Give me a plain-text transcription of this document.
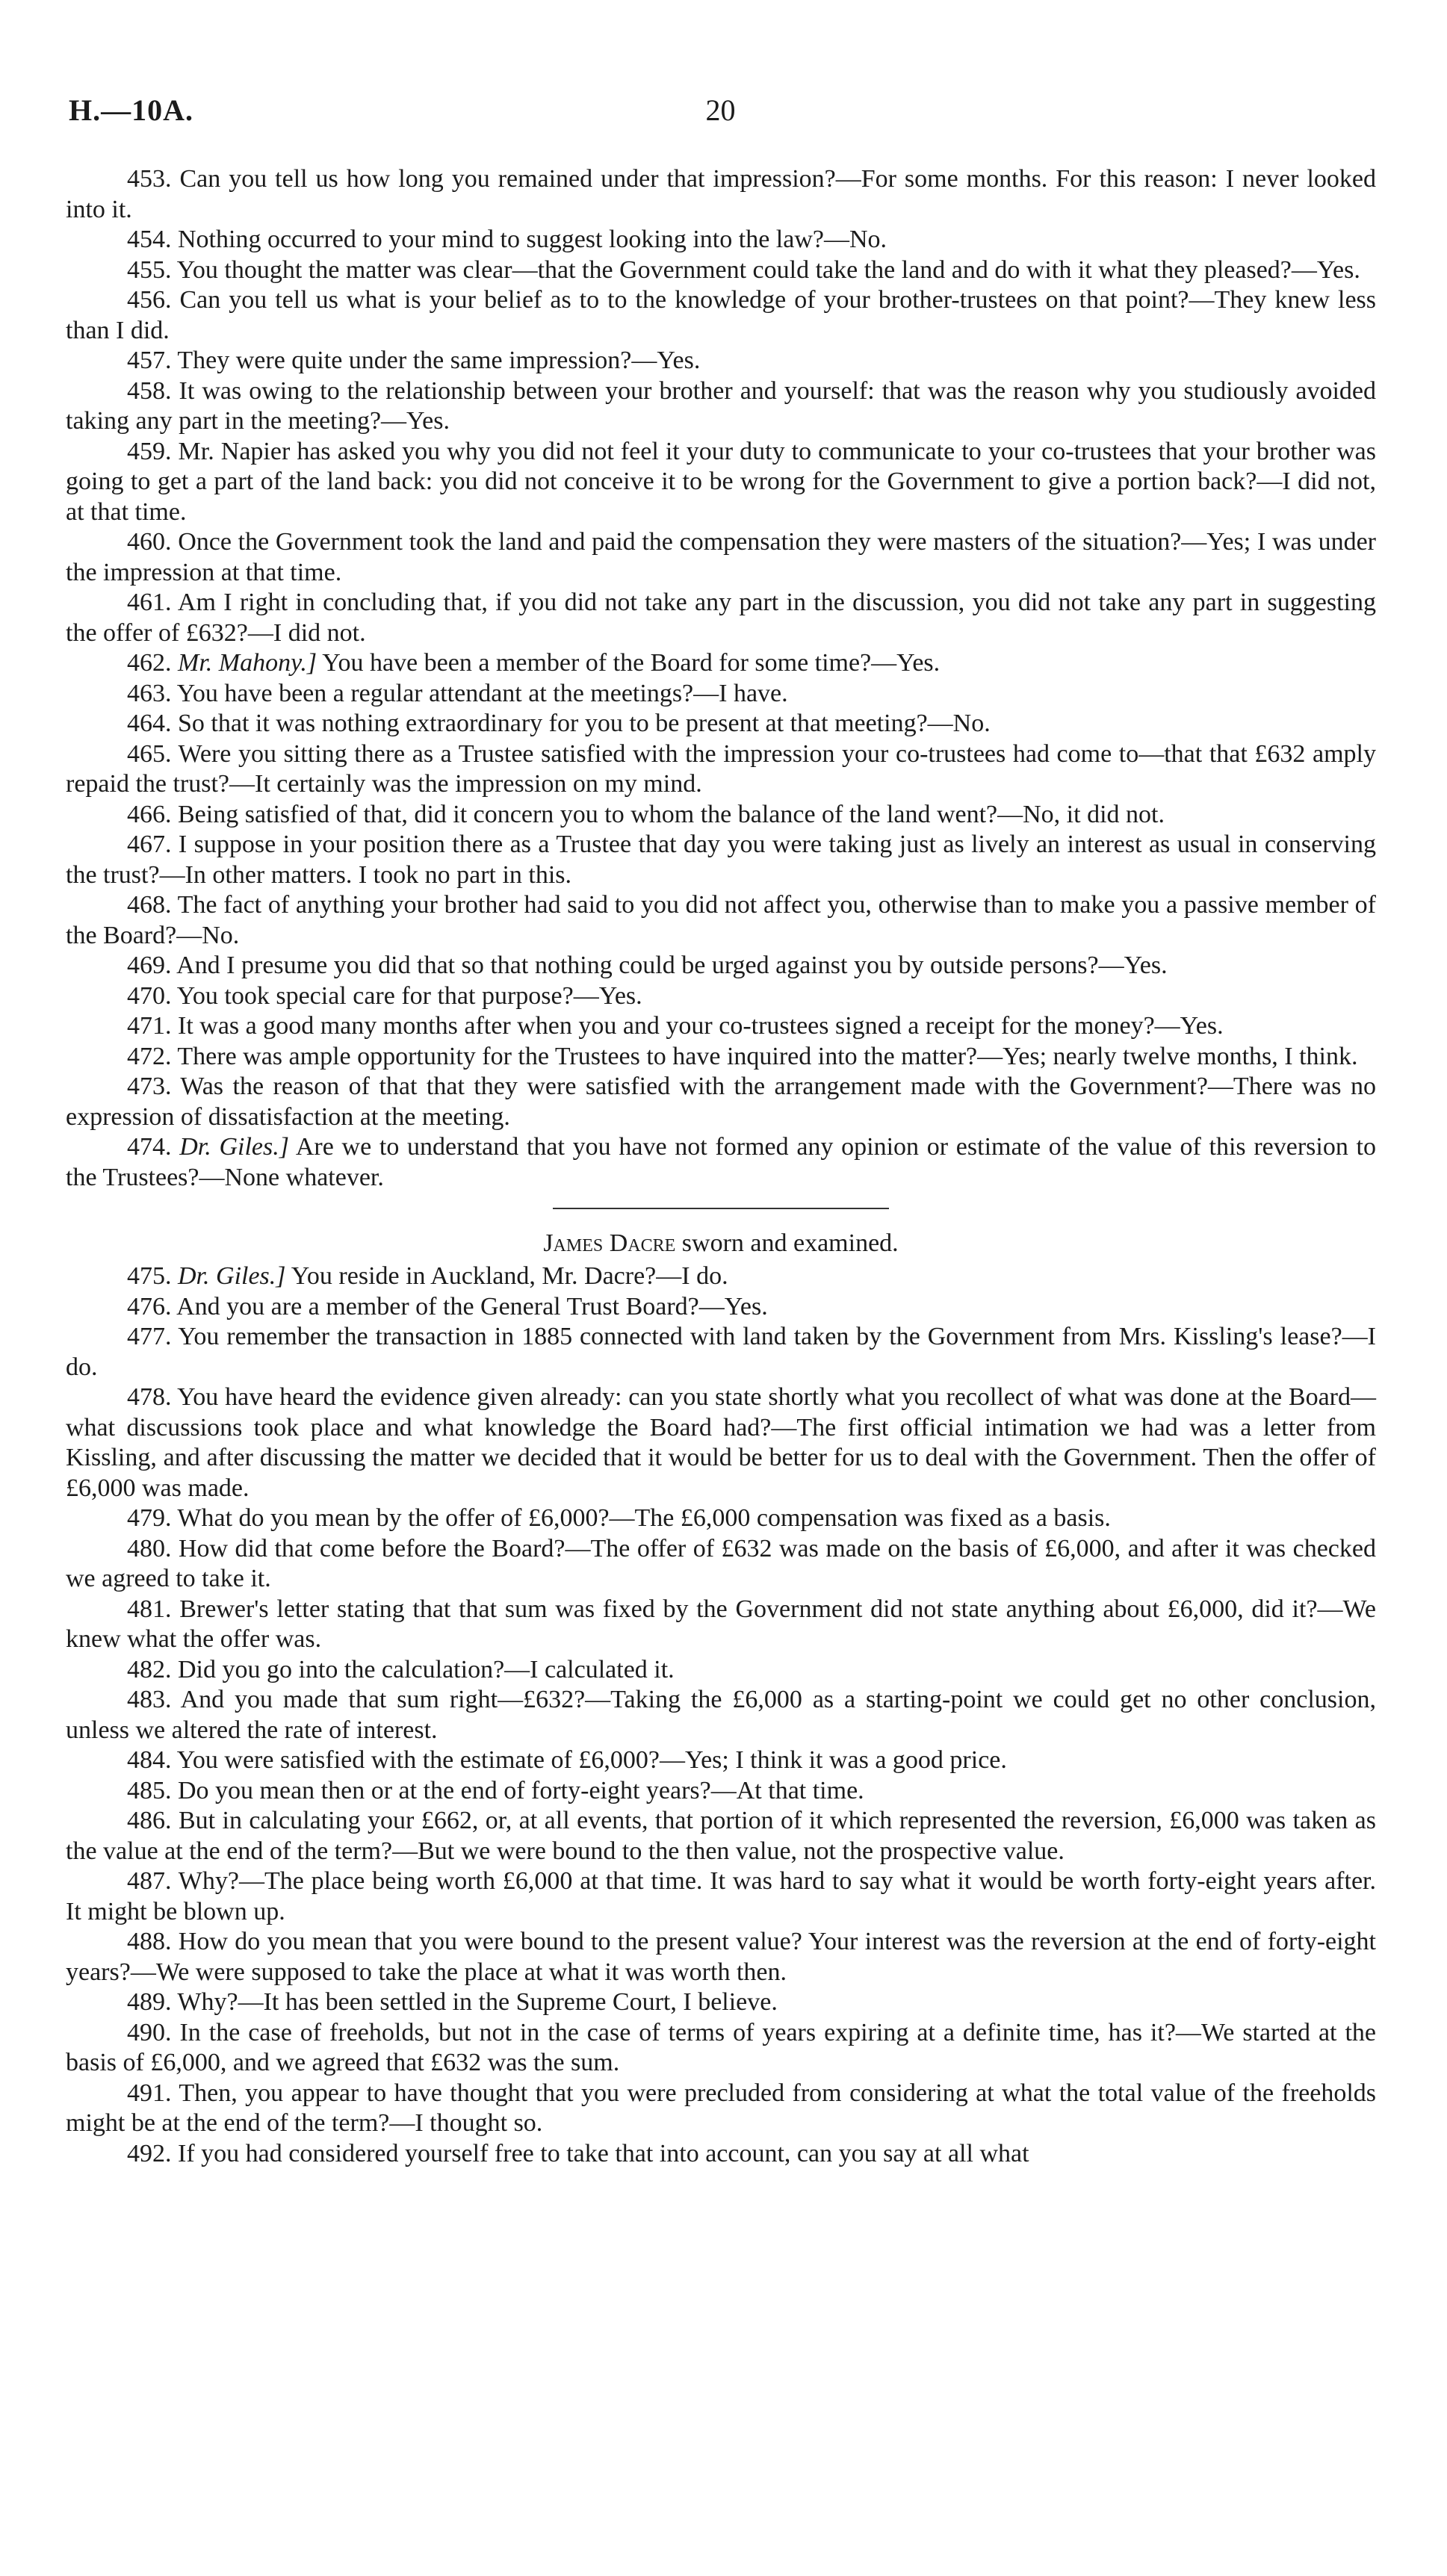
H.—10A.	20

453. Can you tell us how long you remained under that impression?—For some months. For this reason: I never looked into it.

454. Nothing occurred to your mind to suggest looking into the law?—No.

455. You thought the matter was clear—that the Government could take the land and do with it what they pleased?—Yes.

456. Can you tell us what is your belief as to to the knowledge of your brother-trustees on that point?—They knew less than I did.

457. They were quite under the same impression?—Yes.

458. It was owing to the relationship between your brother and yourself: that was the reason why you studiously avoided taking any part in the meeting?—Yes.

459. Mr. Napier has asked you why you did not feel it your duty to communicate to your co-trustees that your brother was going to get a part of the land back: you did not conceive it to be wrong for the Government to give a portion back?—I did not, at that time.

460. Once the Government took the land and paid the compensation they were masters of the situation?—Yes; I was under the impression at that time.

461. Am I right in concluding that, if you did not take any part in the discussion, you did not take any part in suggesting the offer of £632?—I did not.

462. Mr. Mahony.] You have been a member of the Board for some time?—Yes.

463. You have been a regular attendant at the meetings?—I have.

464. So that it was nothing extraordinary for you to be present at that meeting?—No.

465. Were you sitting there as a Trustee satisfied with the impression your co-trustees had come to—that that £632 amply repaid the trust?—It certainly was the impression on my mind.

466. Being satisfied of that, did it concern you to whom the balance of the land went?—No, it did not.

467. I suppose in your position there as a Trustee that day you were taking just as lively an interest as usual in conserving the trust?—In other matters. I took no part in this.

468. The fact of anything your brother had said to you did not affect you, otherwise than to make you a passive member of the Board?—No.

469. And I presume you did that so that nothing could be urged against you by outside persons?—Yes.

470. You took special care for that purpose?—Yes.

471. It was a good many months after when you and your co-trustees signed a receipt for the money?—Yes.

472. There was ample opportunity for the Trustees to have inquired into the matter?—Yes; nearly twelve months, I think.

473. Was the reason of that that they were satisfied with the arrangement made with the Government?—There was no expression of dissatisfaction at the meeting.

474. Dr. Giles.] Are we to understand that you have not formed any opinion or estimate of the value of this reversion to the Trustees?—None whatever.

James Dacre sworn and examined.

475. Dr. Giles.] You reside in Auckland, Mr. Dacre?—I do.

476. And you are a member of the General Trust Board?—Yes.

477. You remember the transaction in 1885 connected with land taken by the Government from Mrs. Kissling's lease?—I do.

478. You have heard the evidence given already: can you state shortly what you recollect of what was done at the Board—what discussions took place and what knowledge the Board had?—The first official intimation we had was a letter from Kissling, and after discussing the matter we decided that it would be better for us to deal with the Government. Then the offer of £6,000 was made.

479. What do you mean by the offer of £6,000?—The £6,000 compensation was fixed as a basis.

480. How did that come before the Board?—The offer of £632 was made on the basis of £6,000, and after it was checked we agreed to take it.

481. Brewer's letter stating that that sum was fixed by the Government did not state anything about £6,000, did it?—We knew what the offer was.

482. Did you go into the calculation?—I calculated it.

483. And you made that sum right—£632?—Taking the £6,000 as a starting-point we could get no other conclusion, unless we altered the rate of interest.

484. You were satisfied with the estimate of £6,000?—Yes; I think it was a good price.

485. Do you mean then or at the end of forty-eight years?—At that time.

486. But in calculating your £662, or, at all events, that portion of it which represented the reversion, £6,000 was taken as the value at the end of the term?—But we were bound to the then value, not the prospective value.

487. Why?—The place being worth £6,000 at that time. It was hard to say what it would be worth forty-eight years after. It might be blown up.

488. How do you mean that you were bound to the present value? Your interest was the reversion at the end of forty-eight years?—We were supposed to take the place at what it was worth then.

489. Why?—It has been settled in the Supreme Court, I believe.

490. In the case of freeholds, but not in the case of terms of years expiring at a definite time, has it?—We started at the basis of £6,000, and we agreed that £632 was the sum.

491. Then, you appear to have thought that you were precluded from considering at what the total value of the freeholds might be at the end of the term?—I thought so.

492. If you had considered yourself free to take that into account, can you say at all what
